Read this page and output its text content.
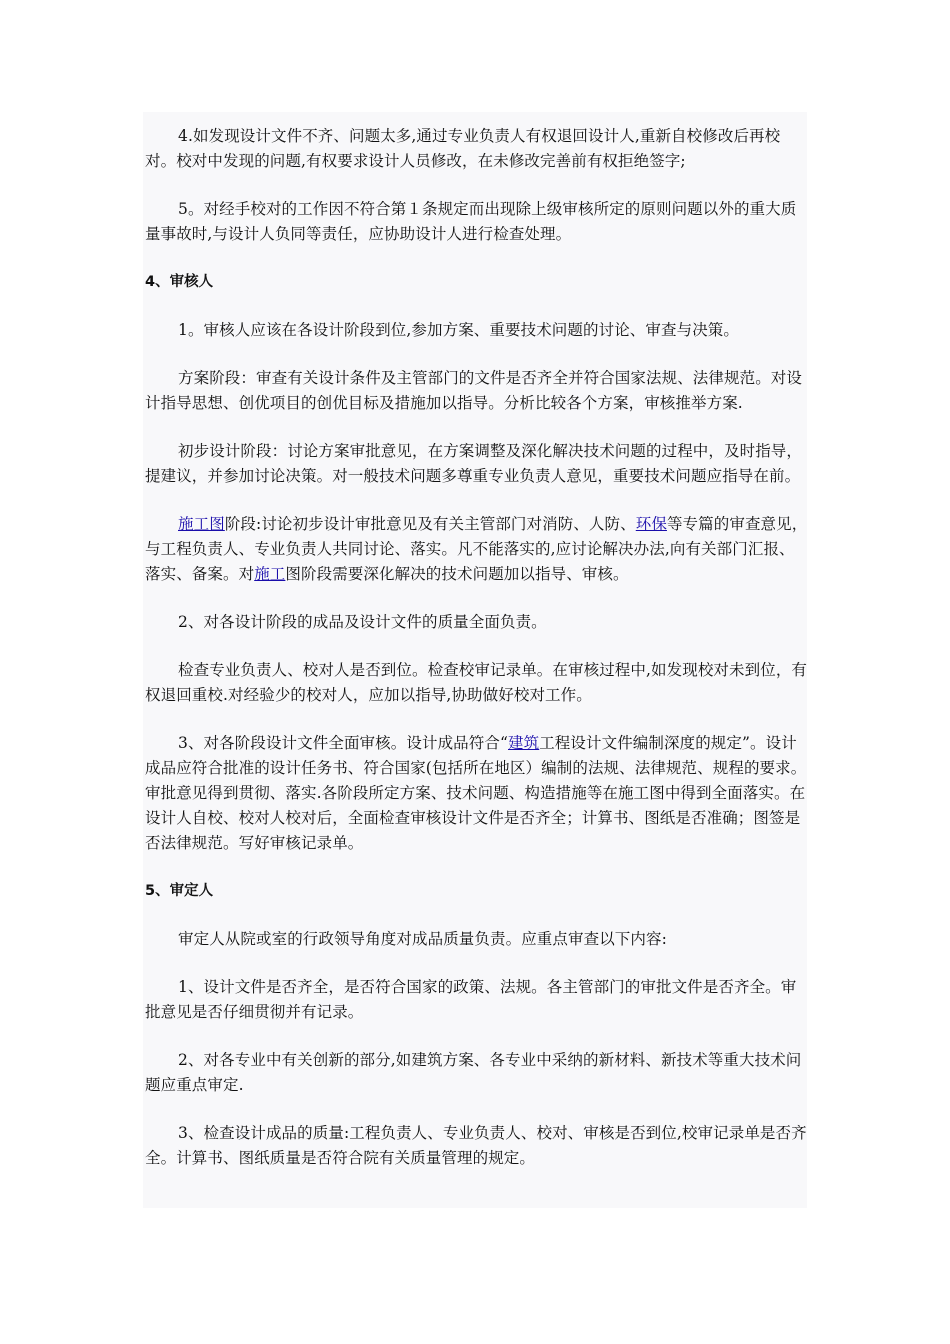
4.如发现设计文件不齐、问题太多,通过专业负责人有权退回设计人,重新自校修改后再校对。校对中发现的问题,有权要求设计人员修改，在未修改完善前有权拒绝签字;

5。对经手校对的工作因不符合第１条规定而出现除上级审核所定的原则问题以外的重大质量事故时,与设计人负同等责任，应协助设计人进行检查处理。

4、审核人

1。审核人应该在各设计阶段到位,参加方案、重要技术问题的讨论、审查与决策。

方案阶段：审查有关设计条件及主管部门的文件是否齐全并符合国家法规、法律规范。对设计指导思想、创优项目的创优目标及措施加以指导。分析比较各个方案，审核推举方案.

初步设计阶段：讨论方案审批意见，在方案调整及深化解决技术问题的过程中，及时指导，提建议，并参加讨论决策。对一般技术问题多尊重专业负责人意见，重要技术问题应指导在前。

施工图阶段:讨论初步设计审批意见及有关主管部门对消防、人防、环保等专篇的审查意见，与工程负责人、专业负责人共同讨论、落实。凡不能落实的,应讨论解决办法,向有关部门汇报、落实、备案。对施工图阶段需要深化解决的技术问题加以指导、审核。

2、对各设计阶段的成品及设计文件的质量全面负责。

检查专业负责人、校对人是否到位。检查校审记录单。在审核过程中,如发现校对未到位，有权退回重校.对经验少的校对人，应加以指导,协助做好校对工作。

3、对各阶段设计文件全面审核。设计成品符合“建筑工程设计文件编制深度的规定”。设计成品应符合批准的设计任务书、符合国家(包括所在地区）编制的法规、法律规范、规程的要求。审批意见得到贯彻、落实.各阶段所定方案、技术问题、构造措施等在施工图中得到全面落实。在设计人自校、校对人校对后，全面检查审核设计文件是否齐全；计算书、图纸是否准确；图签是否法律规范。写好审核记录单。

5、审定人

审定人从院或室的行政领导角度对成品质量负责。应重点审查以下内容:

1、设计文件是否齐全，是否符合国家的政策、法规。各主管部门的审批文件是否齐全。审批意见是否仔细贯彻并有记录。

2、对各专业中有关创新的部分,如建筑方案、各专业中采纳的新材料、新技术等重大技术问题应重点审定.

3、检查设计成品的质量:工程负责人、专业负责人、校对、审核是否到位,校审记录单是否齐全。计算书、图纸质量是否符合院有关质量管理的规定。
